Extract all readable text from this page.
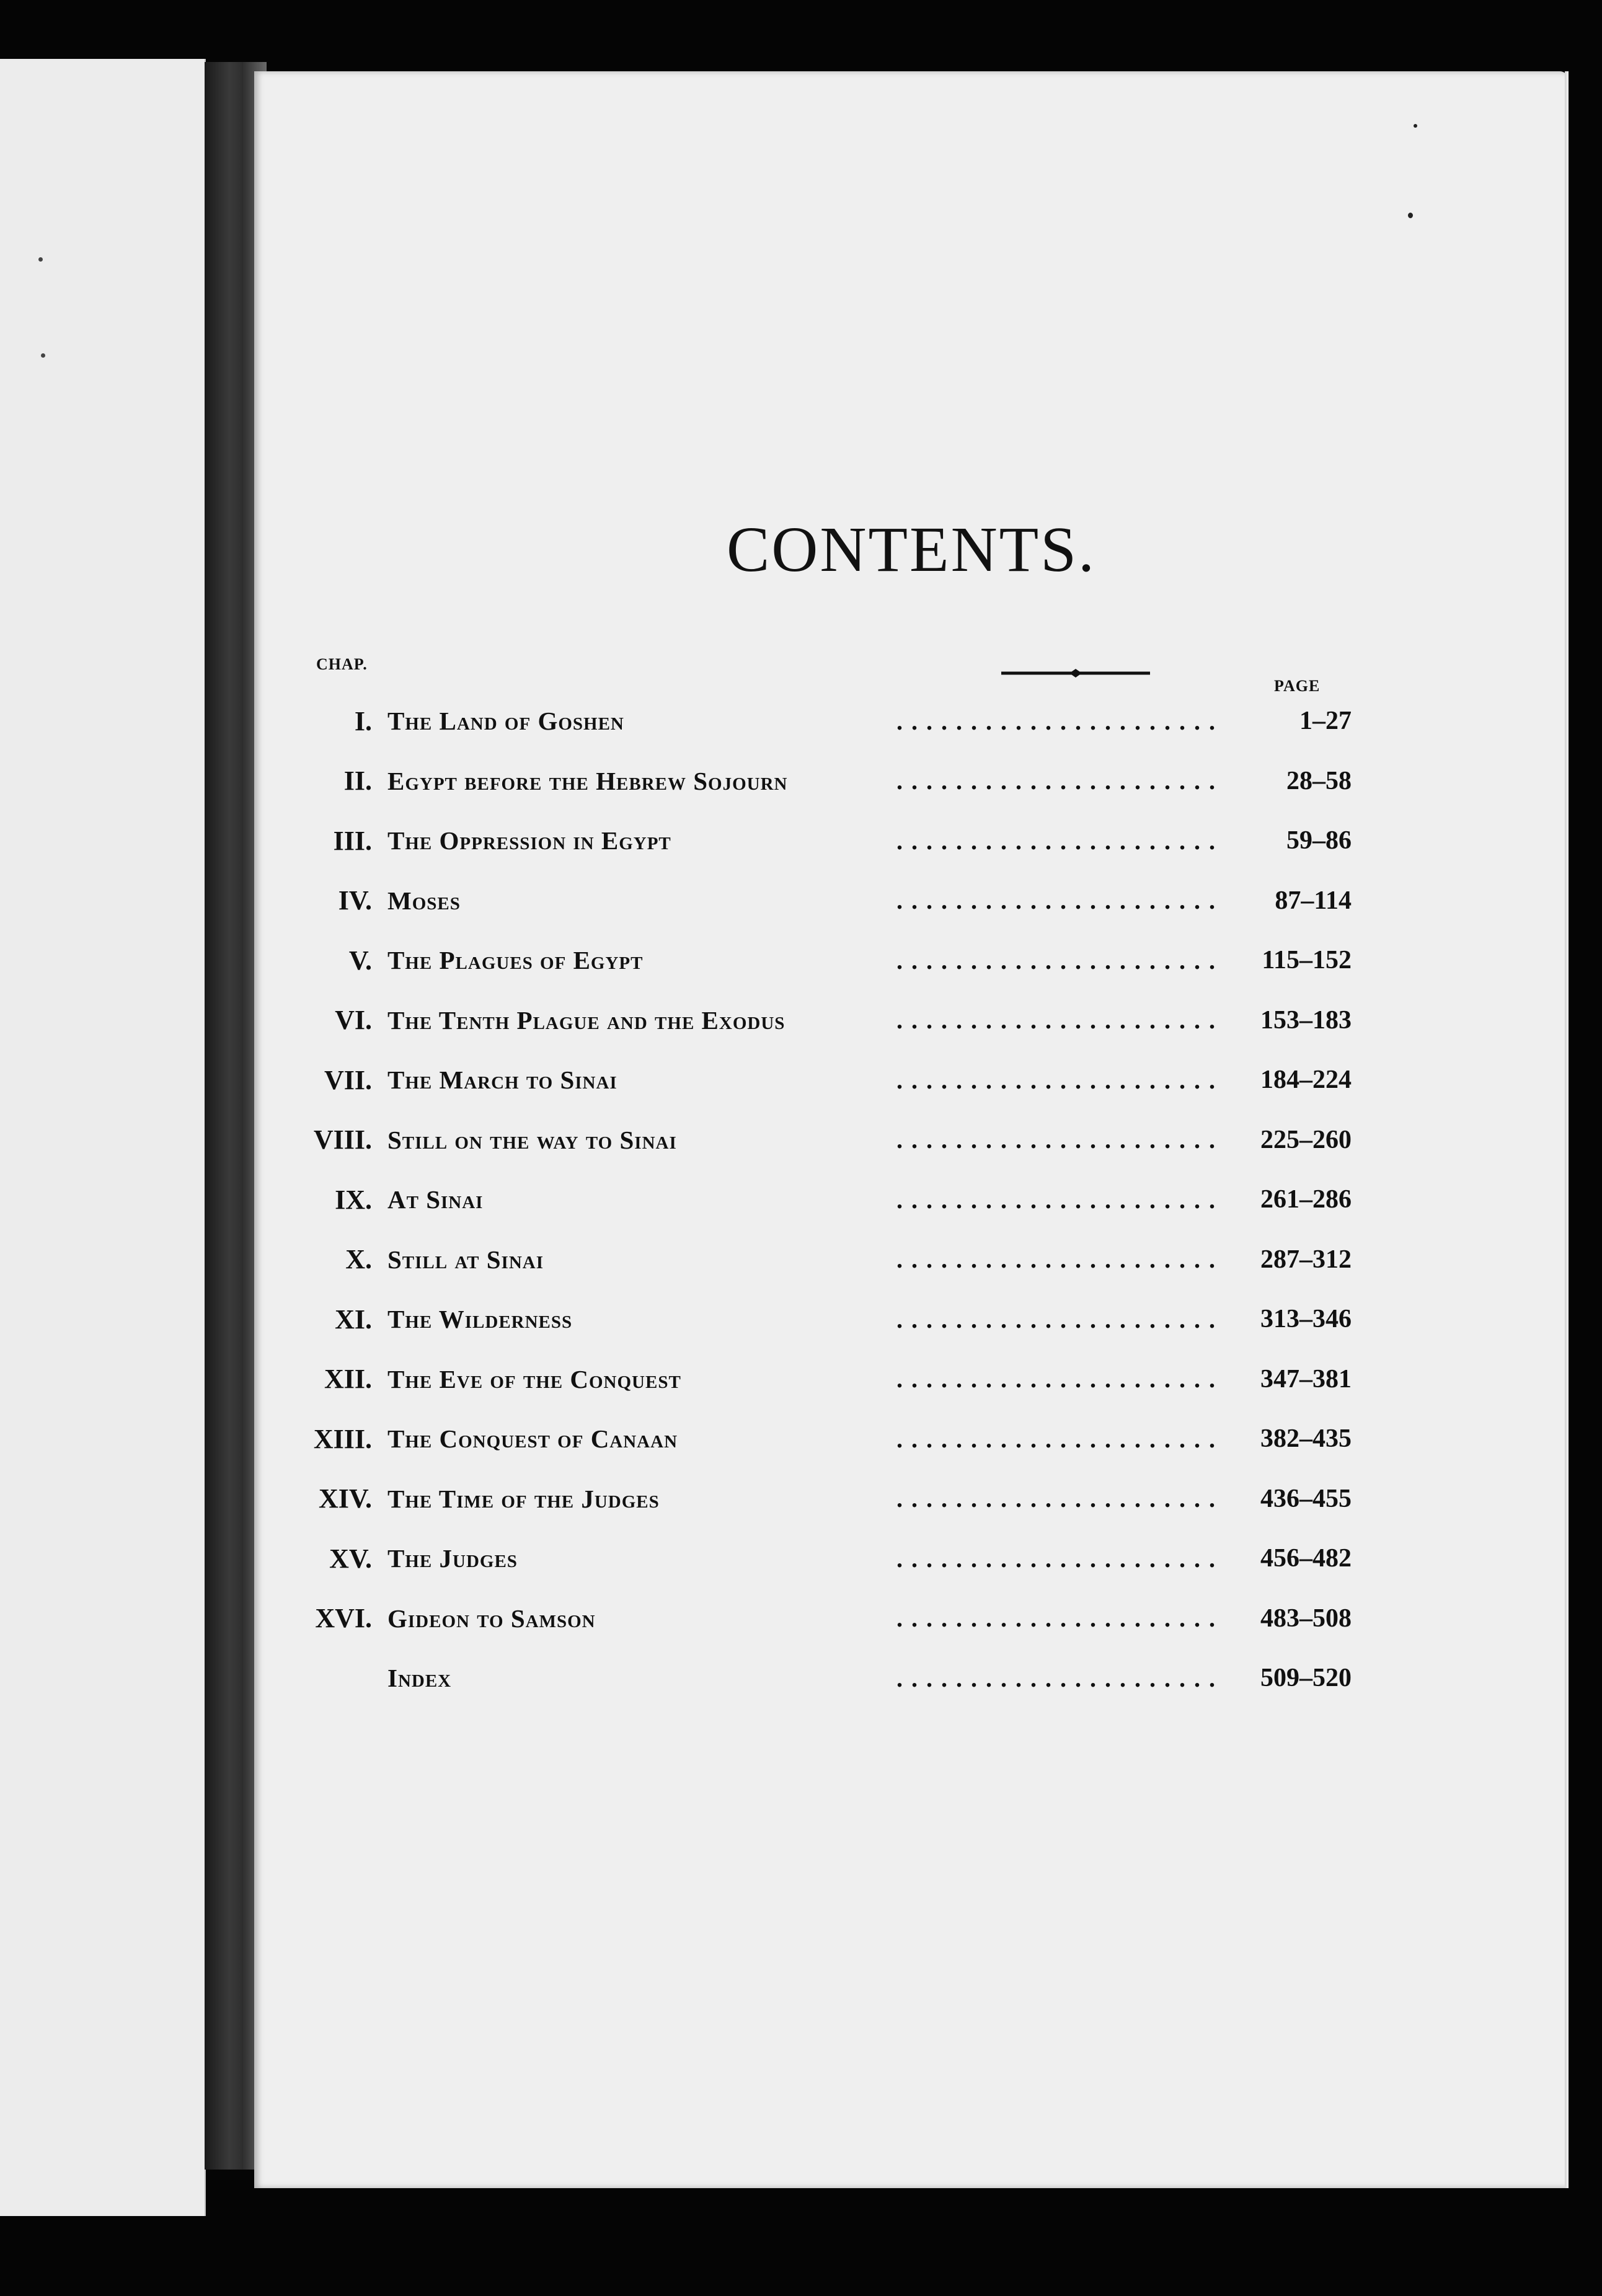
CONTENTS.
CHAP.
PAGE
I. The Land of Goshen	. . . . . . . . . . . . . . . . . . . . . .	1–27
II. Egypt before the Hebrew Sojourn	. . . . . . . . . . . . . . . . . . . . . .	28–58
III. The Oppression in Egypt	. . . . . . . . . . . . . . . . . . . . . .	59–86
IV. Moses	. . . . . . . . . . . . . . . . . . . . . .	87–114
V. The Plagues of Egypt	. . . . . . . . . . . . . . . . . . . . . .	115–152
VI. The Tenth Plague and the Exodus	. . . . . . . . . . . . . . . . . . . . . .	153–183
VII. The March to Sinai	. . . . . . . . . . . . . . . . . . . . . .	184–224
VIII. Still on the way to Sinai	. . . . . . . . . . . . . . . . . . . . . .	225–260
IX. At Sinai	. . . . . . . . . . . . . . . . . . . . . .	261–286
X. Still at Sinai	. . . . . . . . . . . . . . . . . . . . . .	287–312
XI. The Wilderness	. . . . . . . . . . . . . . . . . . . . . .	313–346
XII. The Eve of the Conquest	. . . . . . . . . . . . . . . . . . . . . .	347–381
XIII. The Conquest of Canaan	. . . . . . . . . . . . . . . . . . . . . .	382–435
XIV. The Time of the Judges	. . . . . . . . . . . . . . . . . . . . . .	436–455
XV. The Judges	. . . . . . . . . . . . . . . . . . . . . .	456–482
XVI. Gideon to Samson	. . . . . . . . . . . . . . . . . . . . . .	483–508
Index	. . . . . . . . . . . . . . . . . . . . . .	509–520
